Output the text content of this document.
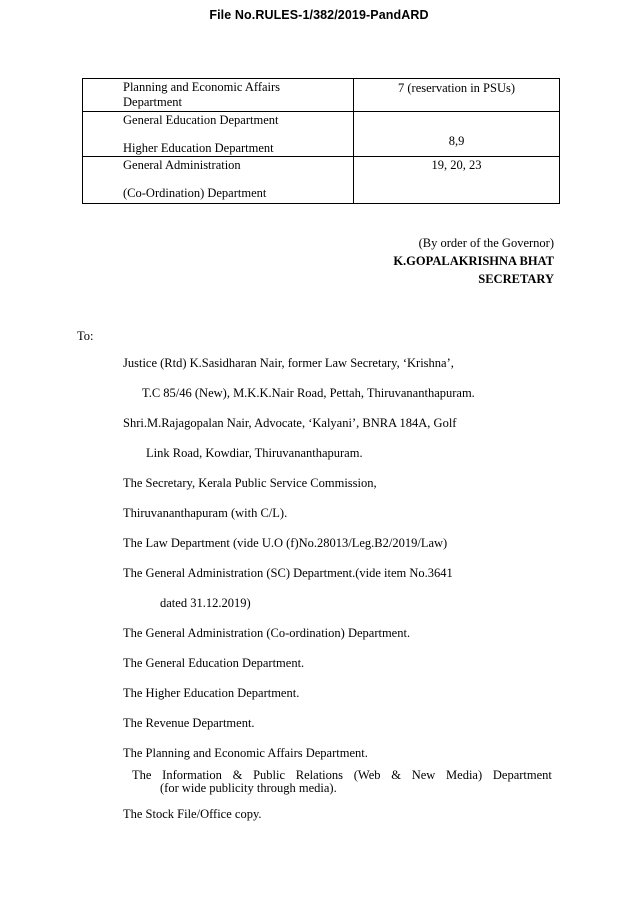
File No.RULES-1/382/2019-PandARD
Planning and Economic Affairs
Department	7 (reservation in PSUs)

General Education Department
Higher Education Department	8,9

General Administration
(Co-Ordination) Department	19, 20, 23
(By order of the Governor)
K.GOPALAKRISHNA BHAT
SECRETARY
To:
Justice (Rtd) K.Sasidharan Nair, former Law Secretary, ‘Krishna’,
T.C 85/46 (New), M.K.K.Nair Road, Pettah, Thiruvananthapuram.
Shri.M.Rajagopalan Nair, Advocate, ‘Kalyani’, BNRA 184A, Golf
Link Road, Kowdiar, Thiruvananthapuram.
The Secretary, Kerala Public Service Commission,
Thiruvananthapuram (with C/L).
The Law Department (vide U.O (f)No.28013/Leg.B2/2019/Law)
The General Administration (SC) Department.(vide item No.3641
dated 31.12.2019)
The General Administration (Co-ordination) Department.
The General Education Department.
The Higher Education Department.
The Revenue Department.
The Planning and Economic Affairs Department.
The Information & Public Relations (Web & New Media) Department
(for wide publicity through media).
The Stock File/Office copy.
